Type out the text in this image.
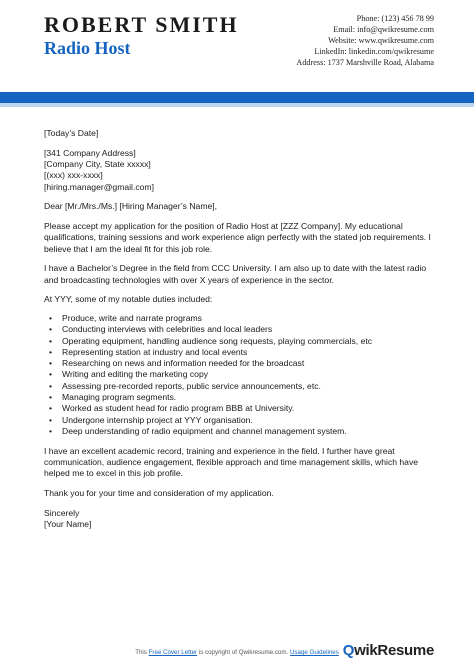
ROBERT SMITH
Radio Host
Phone: (123) 456 78 99
Email: info@qwikresume.com
Website: www.qwikresume.com
LinkedIn: linkedin.com/qwikresume
Address: 1737 Marshville Road, Alabama

[Today’s Date]

[341 Company Address]
[Company City, State xxxxx]
[(xxx) xxx-xxxx]
[hiring.manager@gmail.com]

Dear [Mr./Mrs./Ms.] [Hiring Manager’s Name],

Please accept my application for the position of Radio Host at [ZZZ Company]. My educational qualifications, training sessions and work experience align perfectly with the stated job requirements. I believe that I am the ideal fit for this job role.

I have a Bachelor’s Degree in the field from CCC University. I am also up to date with the latest radio and broadcasting technologies with over X years of experience in the sector.

At YYY, some of my notable duties included:

• Produce, write and narrate programs
• Conducting interviews with celebrities and local leaders
• Operating equipment, handling audience song requests, playing commercials, etc
• Representing station at industry and local events
• Researching on news and information needed for the broadcast
• Writing and editing the marketing copy
• Assessing pre-recorded reports, public service announcements, etc.
• Managing program segments.
• Worked as student head for radio program BBB at University.
• Undergone internship project at YYY organisation.
• Deep understanding of radio equipment and channel management system.

I have an excellent academic record, training and experience in the field. I further have great communication, audience engagement, flexible approach and time management skills, which have helped me to excel in this job profile.

Thank you for your time and consideration of my application.

Sincerely

[Your Name]

This Free Cover Letter is copyright of Qwikresume.com. Usage Guidelines QwikResume
